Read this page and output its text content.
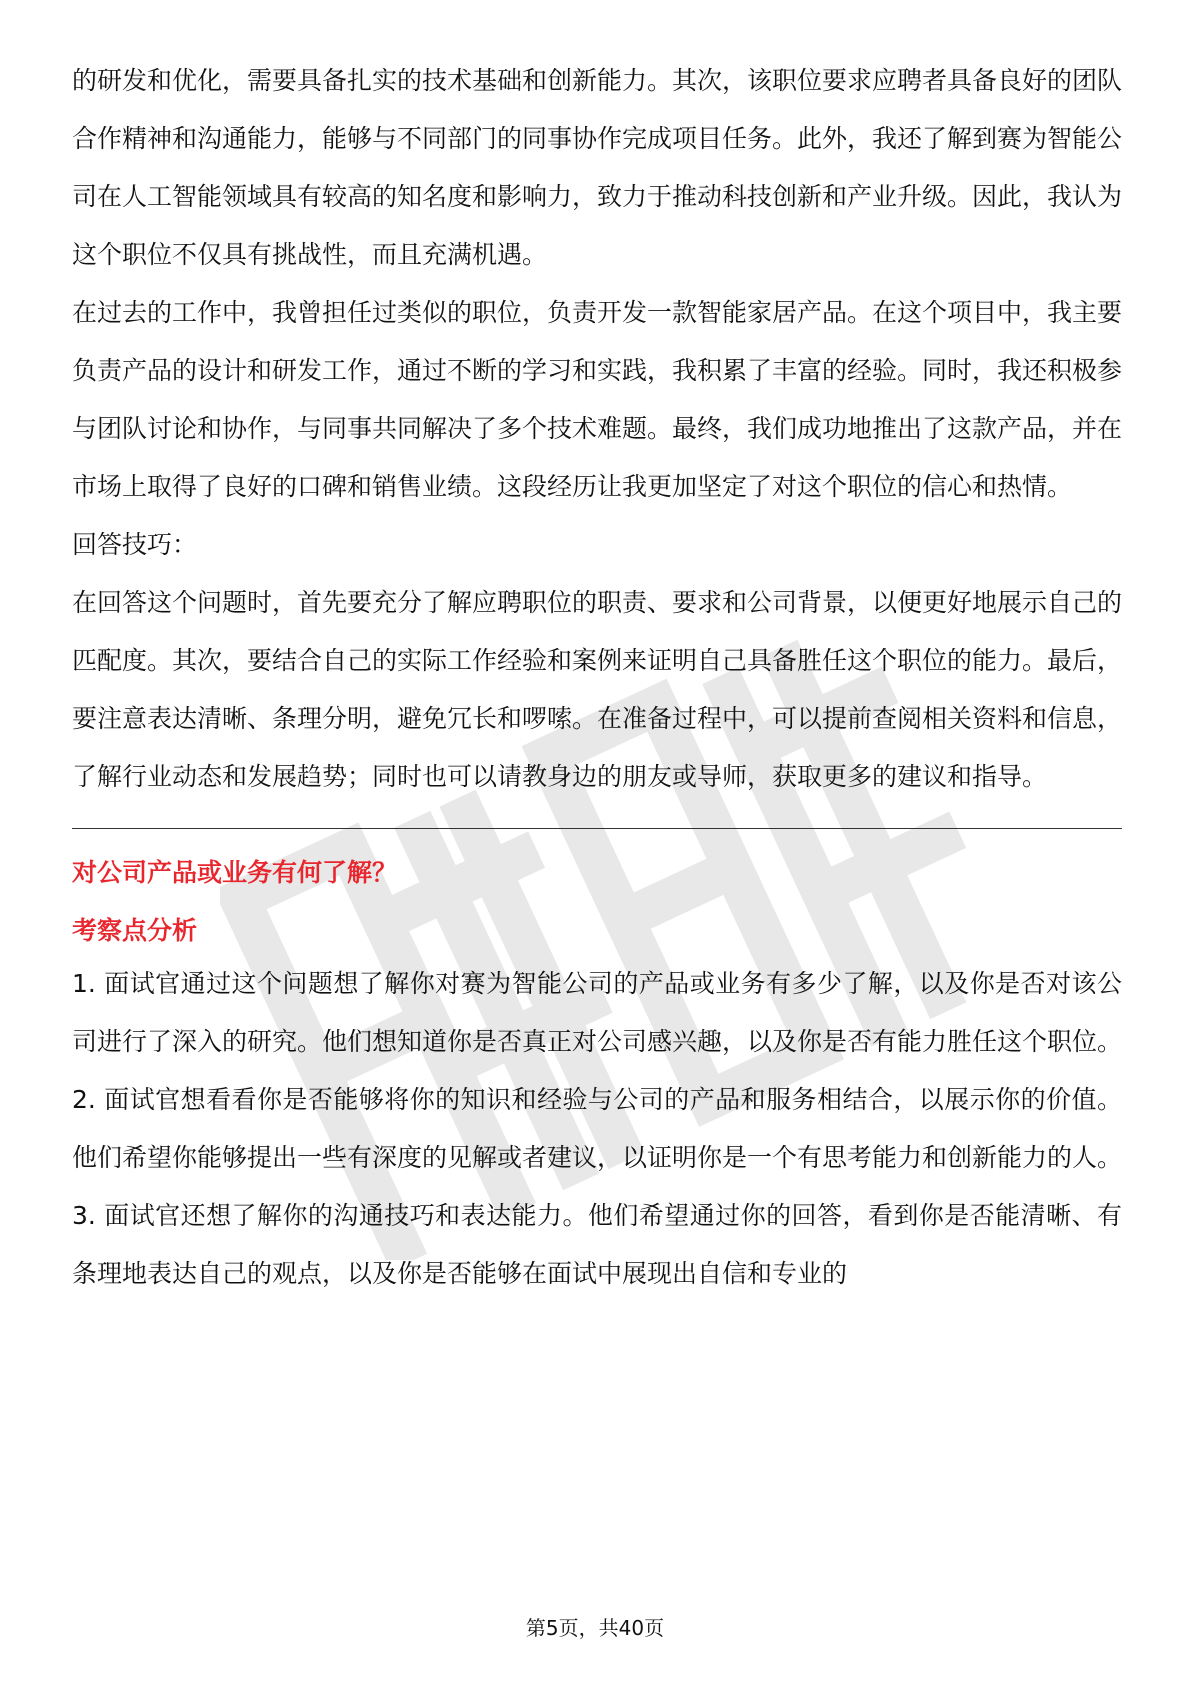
的研发和优化，需要具备扎实的技术基础和创新能力。其次，该职位要求应聘者具备良好的团队合作精神和沟通能力，能够与不同部门的同事协作完成项目任务。此外，我还了解到赛为智能公司在人工智能领域具有较高的知名度和影响力，致力于推动科技创新和产业升级。因此，我认为这个职位不仅具有挑战性，而且充满机遇。

在过去的工作中，我曾担任过类似的职位，负责开发一款智能家居产品。在这个项目中，我主要负责产品的设计和研发工作，通过不断的学习和实践，我积累了丰富的经验。同时，我还积极参与团队讨论和协作，与同事共同解决了多个技术难题。最终，我们成功地推出了这款产品，并在市场上取得了良好的口碑和销售业绩。这段经历让我更加坚定了对这个职位的信心和热情。

回答技巧：

在回答这个问题时，首先要充分了解应聘职位的职责、要求和公司背景，以便更好地展示自己的匹配度。其次，要结合自己的实际工作经验和案例来证明自己具备胜任这个职位的能力。最后，要注意表达清晰、条理分明，避免冗长和啰嗦。在准备过程中，可以提前查阅相关资料和信息，了解行业动态和发展趋势；同时也可以请教身边的朋友或导师，获取更多的建议和指导。

对公司产品或业务有何了解？

考察点分析

1. 面试官通过这个问题想了解你对赛为智能公司的产品或业务有多少了解，以及你是否对该公司进行了深入的研究。他们想知道你是否真正对公司感兴趣，以及你是否有能力胜任这个职位。

2. 面试官想看看你是否能够将你的知识和经验与公司的产品和服务相结合，以展示你的价值。他们希望你能够提出一些有深度的见解或者建议，以证明你是一个有思考能力和创新能力的人。

3. 面试官还想了解你的沟通技巧和表达能力。他们希望通过你的回答，看到你是否能清晰、有条理地表达自己的观点，以及你是否能够在面试中展现出自信和专业的

第5页，共40页
